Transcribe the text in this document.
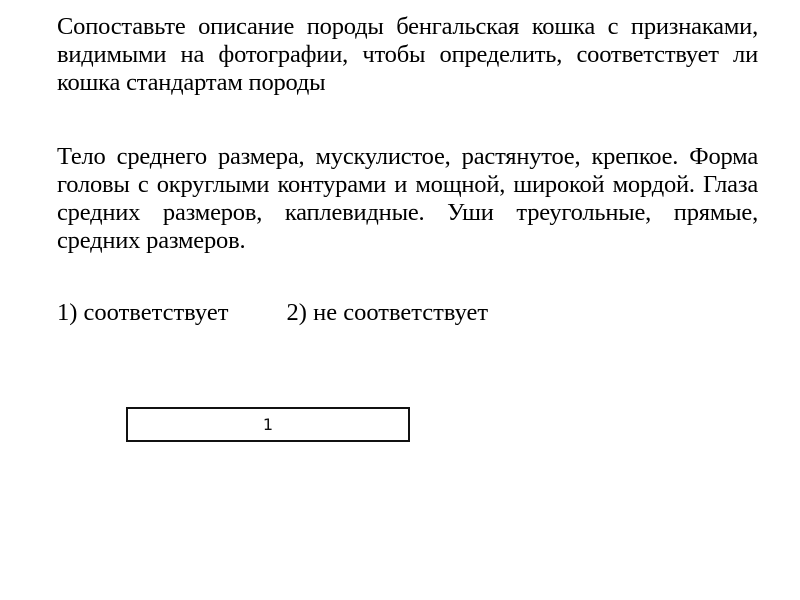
Сопоставьте описание породы бенгальская кошка с признаками, видимыми на фотографии, чтобы определить, соответствует ли кошка стандартам породы

Тело среднего размера, мускулистое, растянутое, крепкое. Форма головы с округлыми контурами и мощной, широкой мордой. Глаза средних размеров, каплевидные. Уши треугольные, прямые, средних размеров.

1) соответствует 2) не соответствует
1
